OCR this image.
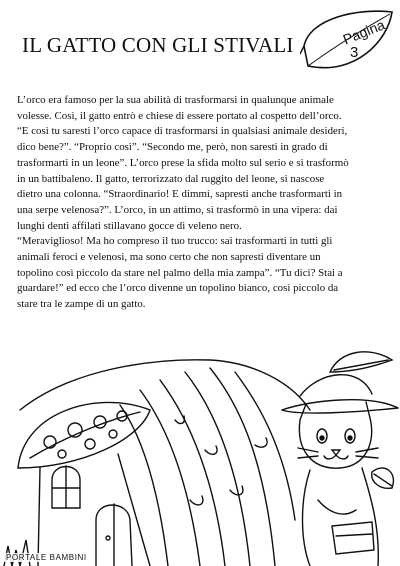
IL GATTO CON GLI STIVALI	Pagina
3
L’orco era famoso per la sua abilità di trasformarsi in qualunque animale
volesse. Così, il gatto entrò e chiese di essere portato al cospetto dell’orco.
“E così tu saresti l’orco capace di trasformarsi in qualsiasi animale desideri,
dico bene?”. “Proprio così”. “Secondo me, però, non saresti in grado di
trasformarti in un leone”. L’orco prese la sfida molto sul serio e si trasformò
in un battibaleno. Il gatto, terrorizzato dal ruggito del leone, si nascose
dietro una colonna. “Straordinario! E dimmi, sapresti anche trasformarti in
una serpe velenosa?”. L’orco, in un attimo, si trasformò in una vipera: dai
lunghi denti affilati stillavano gocce di veleno nero.
“Meraviglioso! Ma ho compreso il tuo trucco: sai trasformarti in tutti gli
animali feroci e velenosi, ma sono certo che non sapresti diventare un
topolino così piccolo da stare nel palmo della mia zampa”. “Tu dici? Stai a
guardare!” ed ecco che l’orco divenne un topolino bianco, così piccolo da
stare tra le zampe di un gatto.
PORTALE BAMBINI
